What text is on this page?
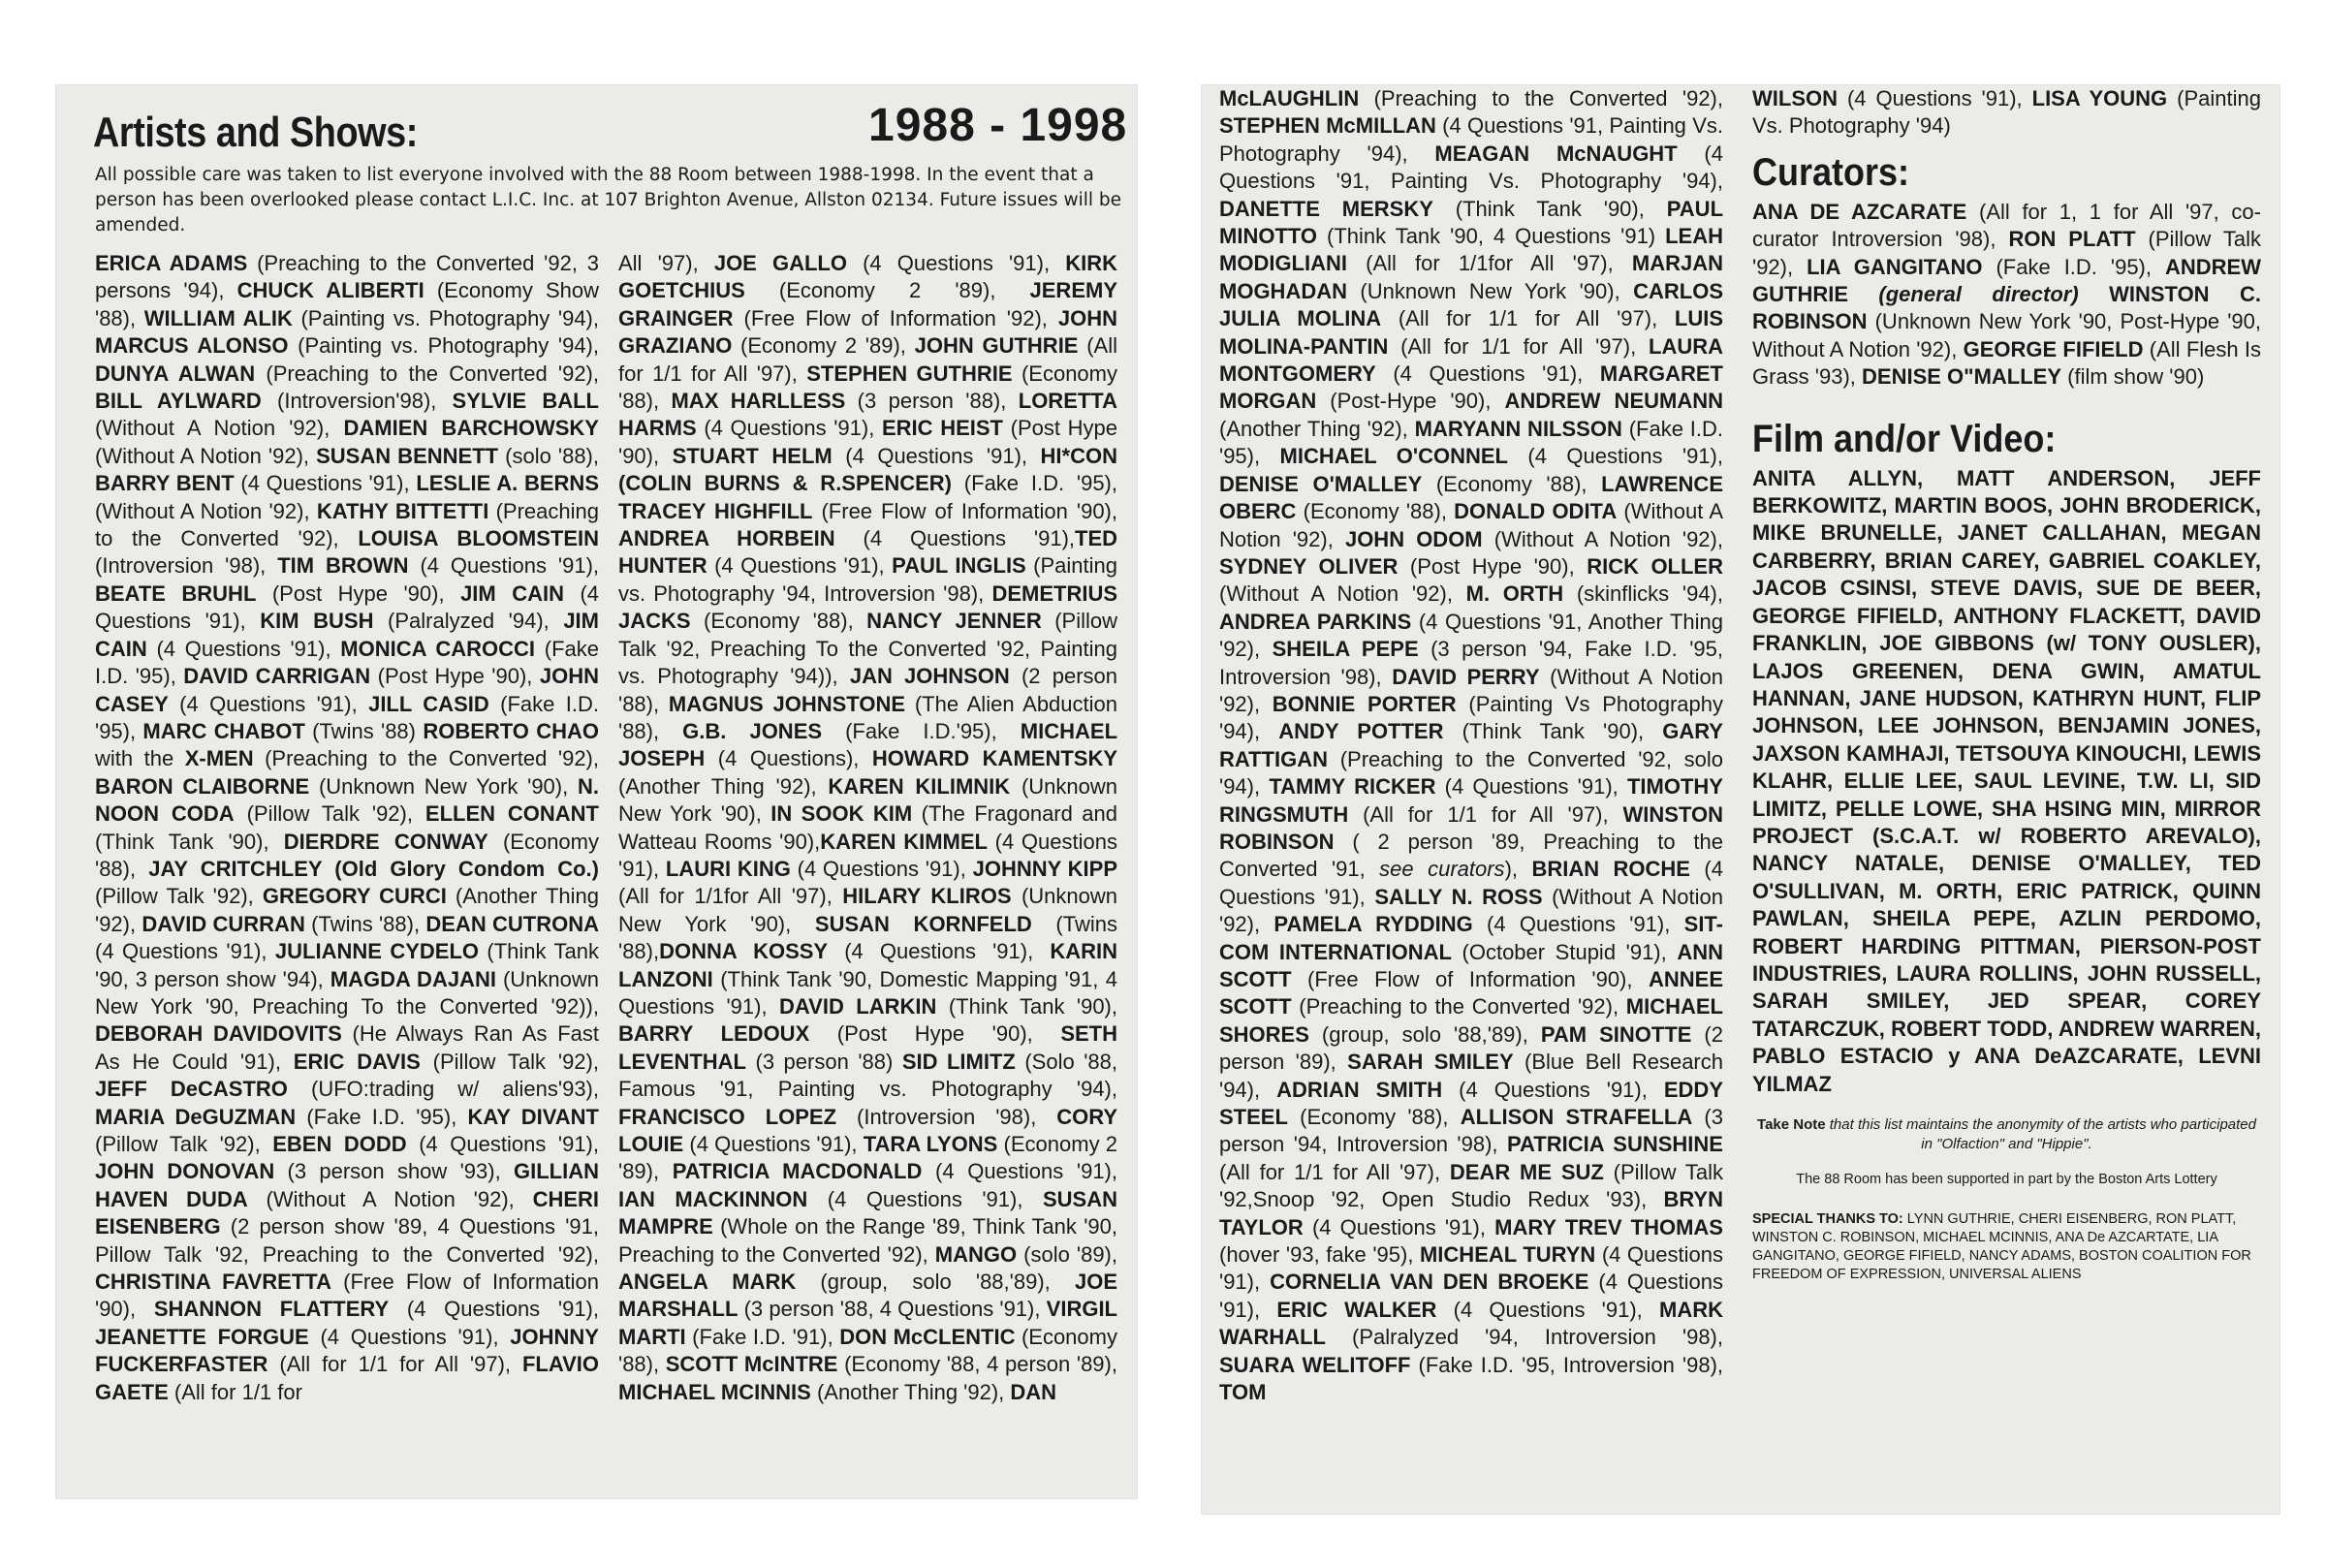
Artists and Shows:	1988 - 1998
All possible care was taken to list everyone involved with the 88 Room between 1988-1998. In the event that a person has been overlooked please contact L.I.C. Inc. at 107 Brighton Avenue, Allston 02134. Future issues will be amended.
ERICA ADAMS (Preaching to the Converted '92, 3 persons '94), CHUCK ALIBERTI (Economy Show '88), WILLIAM ALIK (Painting vs. Photography '94), MARCUS ALONSO (Painting vs. Photography '94), DUNYA ALWAN (Preaching to the Converted '92), BILL AYLWARD (Introversion'98), SYLVIE BALL (Without A Notion '92), DAMIEN BARCHOWSKY (Without A Notion '92), SUSAN BENNETT (solo '88), BARRY BENT (4 Questions '91), LESLIE A. BERNS (Without A Notion '92), KATHY BITTETTI (Preaching to the Converted '92), LOUISA BLOOMSTEIN (Introversion '98), TIM BROWN (4 Questions '91), BEATE BRUHL (Post Hype '90), JIM CAIN (4 Questions '91), KIM BUSH (Palralyzed '94), JIM CAIN (4 Questions '91), MONICA CAROCCI (Fake I.D. '95), DAVID CARRIGAN (Post Hype '90), JOHN CASEY (4 Questions '91), JILL CASID (Fake I.D. '95), MARC CHABOT (Twins '88) ROBERTO CHAO with the X-MEN (Preaching to the Converted '92), BARON CLAIBORNE (Unknown New York '90), N. NOON CODA (Pillow Talk '92), ELLEN CONANT (Think Tank '90), DIERDRE CONWAY (Economy '88), JAY CRITCHLEY (Old Glory Condom Co.) (Pillow Talk '92), GREGORY CURCI (Another Thing '92), DAVID CURRAN (Twins '88), DEAN CUTRONA (4 Questions '91), JULIANNE CYDELO (Think Tank '90, 3 person show '94), MAGDA DAJANI (Unknown New York '90, Preaching To the Converted '92)), DEBORAH DAVIDOVITS (He Always Ran As Fast As He Could '91), ERIC DAVIS (Pillow Talk '92), JEFF DeCASTRO (UFO:trading w/ aliens'93), MARIA DeGUZMAN (Fake I.D. '95), KAY DIVANT (Pillow Talk '92), EBEN DODD (4 Questions '91), JOHN DONOVAN (3 person show '93), GILLIAN HAVEN DUDA (Without A Notion '92), CHERI EISENBERG (2 person show '89, 4 Questions '91, Pillow Talk '92, Preaching to the Converted '92), CHRISTINA FAVRETTA (Free Flow of Information '90), SHANNON FLATTERY (4 Questions '91), JEANETTE FORGUE (4 Questions '91), JOHNNY FUCKERFASTER (All for 1/1 for All '97), FLAVIO GAETE (All for 1/1 for
All '97), JOE GALLO (4 Questions '91), KIRK GOETCHIUS (Economy 2 '89), JEREMY GRAINGER (Free Flow of Information '92), JOHN GRAZIANO (Economy 2 '89), JOHN GUTHRIE (All for 1/1 for All '97), STEPHEN GUTHRIE (Economy '88), MAX HARLLESS (3 person '88), LORETTA HARMS (4 Questions '91), ERIC HEIST (Post Hype '90), STUART HELM (4 Questions '91), HI*CON (COLIN BURNS & R.SPENCER) (Fake I.D. '95), TRACEY HIGHFILL (Free Flow of Information '90), ANDREA HORBEIN (4 Questions '91),TED HUNTER (4 Questions '91), PAUL INGLIS (Painting vs. Photography '94, Introversion '98), DEMETRIUS JACKS (Economy '88), NANCY JENNER (Pillow Talk '92, Preaching To the Converted '92, Painting vs. Photography '94)), JAN JOHNSON (2 person '88), MAGNUS JOHNSTONE (The Alien Abduction '88), G.B. JONES (Fake I.D.'95), MICHAEL JOSEPH (4 Questions), HOWARD KAMENTSKY (Another Thing '92), KAREN KILIMNIK (Unknown New York '90), IN SOOK KIM (The Fragonard and Watteau Rooms '90),KAREN KIMMEL (4 Questions '91), LAURI KING (4 Questions '91), JOHNNY KIPP (All for 1/1for All '97), HILARY KLIROS (Unknown New York '90), SUSAN KORNFELD (Twins '88),DONNA KOSSY (4 Questions '91), KARIN LANZONI (Think Tank '90, Domestic Mapping '91, 4 Questions '91), DAVID LARKIN (Think Tank '90), BARRY LEDOUX (Post Hype '90), SETH LEVENTHAL (3 person '88) SID LIMITZ (Solo '88, Famous '91, Painting vs. Photography '94), FRANCISCO LOPEZ (Introversion '98), CORY LOUIE (4 Questions '91), TARA LYONS (Economy 2 '89), PATRICIA MACDONALD (4 Questions '91), IAN MACKINNON (4 Questions '91), SUSAN MAMPRE (Whole on the Range '89, Think Tank '90, Preaching to the Converted '92), MANGO (solo '89), ANGELA MARK (group, solo '88,'89), JOE MARSHALL (3 person '88, 4 Questions '91), VIRGIL MARTI (Fake I.D. '91), DON McCLENTIC (Economy '88), SCOTT McINTRE (Economy '88, 4 person '89), MICHAEL MCINNIS (Another Thing '92), DAN
McLAUGHLIN (Preaching to the Converted '92), STEPHEN McMILLAN (4 Questions '91, Painting Vs. Photography '94), MEAGAN McNAUGHT (4 Questions '91, Painting Vs. Photography '94), DANETTE MERSKY (Think Tank '90), PAUL MINOTTO (Think Tank '90, 4 Questions '91) LEAH MODIGLIANI (All for 1/1for All '97), MARJAN MOGHADAN (Unknown New York '90), CARLOS JULIA MOLINA (All for 1/1 for All '97), LUIS MOLINA-PANTIN (All for 1/1 for All '97), LAURA MONTGOMERY (4 Questions '91), MARGARET MORGAN (Post-Hype '90), ANDREW NEUMANN (Another Thing '92), MARYANN NILSSON (Fake I.D. '95), MICHAEL O'CONNEL (4 Questions '91), DENISE O'MALLEY (Economy '88), LAWRENCE OBERC (Economy '88), DONALD ODITA (Without A Notion '92), JOHN ODOM (Without A Notion '92), SYDNEY OLIVER (Post Hype '90), RICK OLLER (Without A Notion '92), M. ORTH (skinflicks '94), ANDREA PARKINS (4 Questions '91, Another Thing '92), SHEILA PEPE (3 person '94, Fake I.D. '95, Introversion '98), DAVID PERRY (Without A Notion '92), BONNIE PORTER (Painting Vs Photography '94), ANDY POTTER (Think Tank '90), GARY RATTIGAN (Preaching to the Converted '92, solo '94), TAMMY RICKER (4 Questions '91), TIMOTHY RINGSMUTH (All for 1/1 for All '97), WINSTON ROBINSON ( 2 person '89, Preaching to the Converted '91, see curators), BRIAN ROCHE (4 Questions '91), SALLY N. ROSS (Without A Notion '92), PAMELA RYDDING (4 Questions '91), SIT-COM INTERNATIONAL (October Stupid '91), ANN SCOTT (Free Flow of Information '90), ANNEE SCOTT (Preaching to the Converted '92), MICHAEL SHORES (group, solo '88,'89), PAM SINOTTE (2 person '89), SARAH SMILEY (Blue Bell Research '94), ADRIAN SMITH (4 Questions '91), EDDY STEEL (Economy '88), ALLISON STRAFELLA (3 person '94, Introversion '98), PATRICIA SUNSHINE (All for 1/1 for All '97), DEAR ME SUZ (Pillow Talk '92,Snoop '92, Open Studio Redux '93), BRYN TAYLOR (4 Questions '91), MARY TREV THOMAS (hover '93, fake '95), MICHEAL TURYN (4 Questions '91), CORNELIA VAN DEN BROEKE (4 Questions '91), ERIC WALKER (4 Questions '91), MARK WARHALL (Palralyzed '94, Introversion '98), SUARA WELITOFF (Fake I.D. '95, Introversion '98), TOM

WILSON (4 Questions '91), LISA YOUNG (Painting Vs. Photography '94)

Curators:

ANA DE AZCARATE (All for 1, 1 for All '97, co-curator Introversion '98), RON PLATT (Pillow Talk '92), LIA GANGITANO (Fake I.D. '95), ANDREW GUTHRIE (general director) WINSTON C. ROBINSON (Unknown New York '90, Post-Hype '90, Without A Notion '92), GEORGE FIFIELD (All Flesh Is Grass '93), DENISE O"MALLEY (film show '90)

Film and/or Video:

ANITA ALLYN, MATT ANDERSON, JEFF BERKOWITZ, MARTIN BOOS, JOHN BRODERICK, MIKE BRUNELLE, JANET CALLAHAN, MEGAN CARBERRY, BRIAN CAREY, GABRIEL COAKLEY, JACOB CSINSI, STEVE DAVIS, SUE DE BEER, GEORGE FIFIELD, ANTHONY FLACKETT, DAVID FRANKLIN, JOE GIBBONS (w/ TONY OUSLER), LAJOS GREENEN, DENA GWIN, AMATUL HANNAN, JANE HUDSON, KATHRYN HUNT, FLIP JOHNSON, LEE JOHNSON, BENJAMIN JONES, JAXSON KAMHAJI, TETSOUYA KINOUCHI, LEWIS KLAHR, ELLIE LEE, SAUL LEVINE, T.W. LI, SID LIMITZ, PELLE LOWE, SHA HSING MIN, MIRROR PROJECT (S.C.A.T. w/ ROBERTO AREVALO), NANCY NATALE, DENISE O'MALLEY, TED O'SULLIVAN, M. ORTH, ERIC PATRICK, QUINN PAWLAN, SHEILA PEPE, AZLIN PERDOMO, ROBERT HARDING PITTMAN, PIERSON-POST INDUSTRIES, LAURA ROLLINS, JOHN RUSSELL, SARAH SMILEY, JED SPEAR, COREY TATARCZUK, ROBERT TODD, ANDREW WARREN, PABLO ESTACIO y ANA DeAZCARATE, LEVNI YILMAZ

Take Note that this list maintains the anonymity of the artists who participated in "Olfaction" and "Hippie".
The 88 Room has been supported in part by the Boston Arts Lottery
SPECIAL THANKS TO: LYNN GUTHRIE, CHERI EISENBERG, RON PLATT, WINSTON C. ROBINSON, MICHAEL MCINNIS, ANA De AZCARTATE, LIA GANGITANO, GEORGE FIFIELD, NANCY ADAMS, BOSTON COALITION FOR FREEDOM OF EXPRESSION, UNIVERSAL ALIENS
